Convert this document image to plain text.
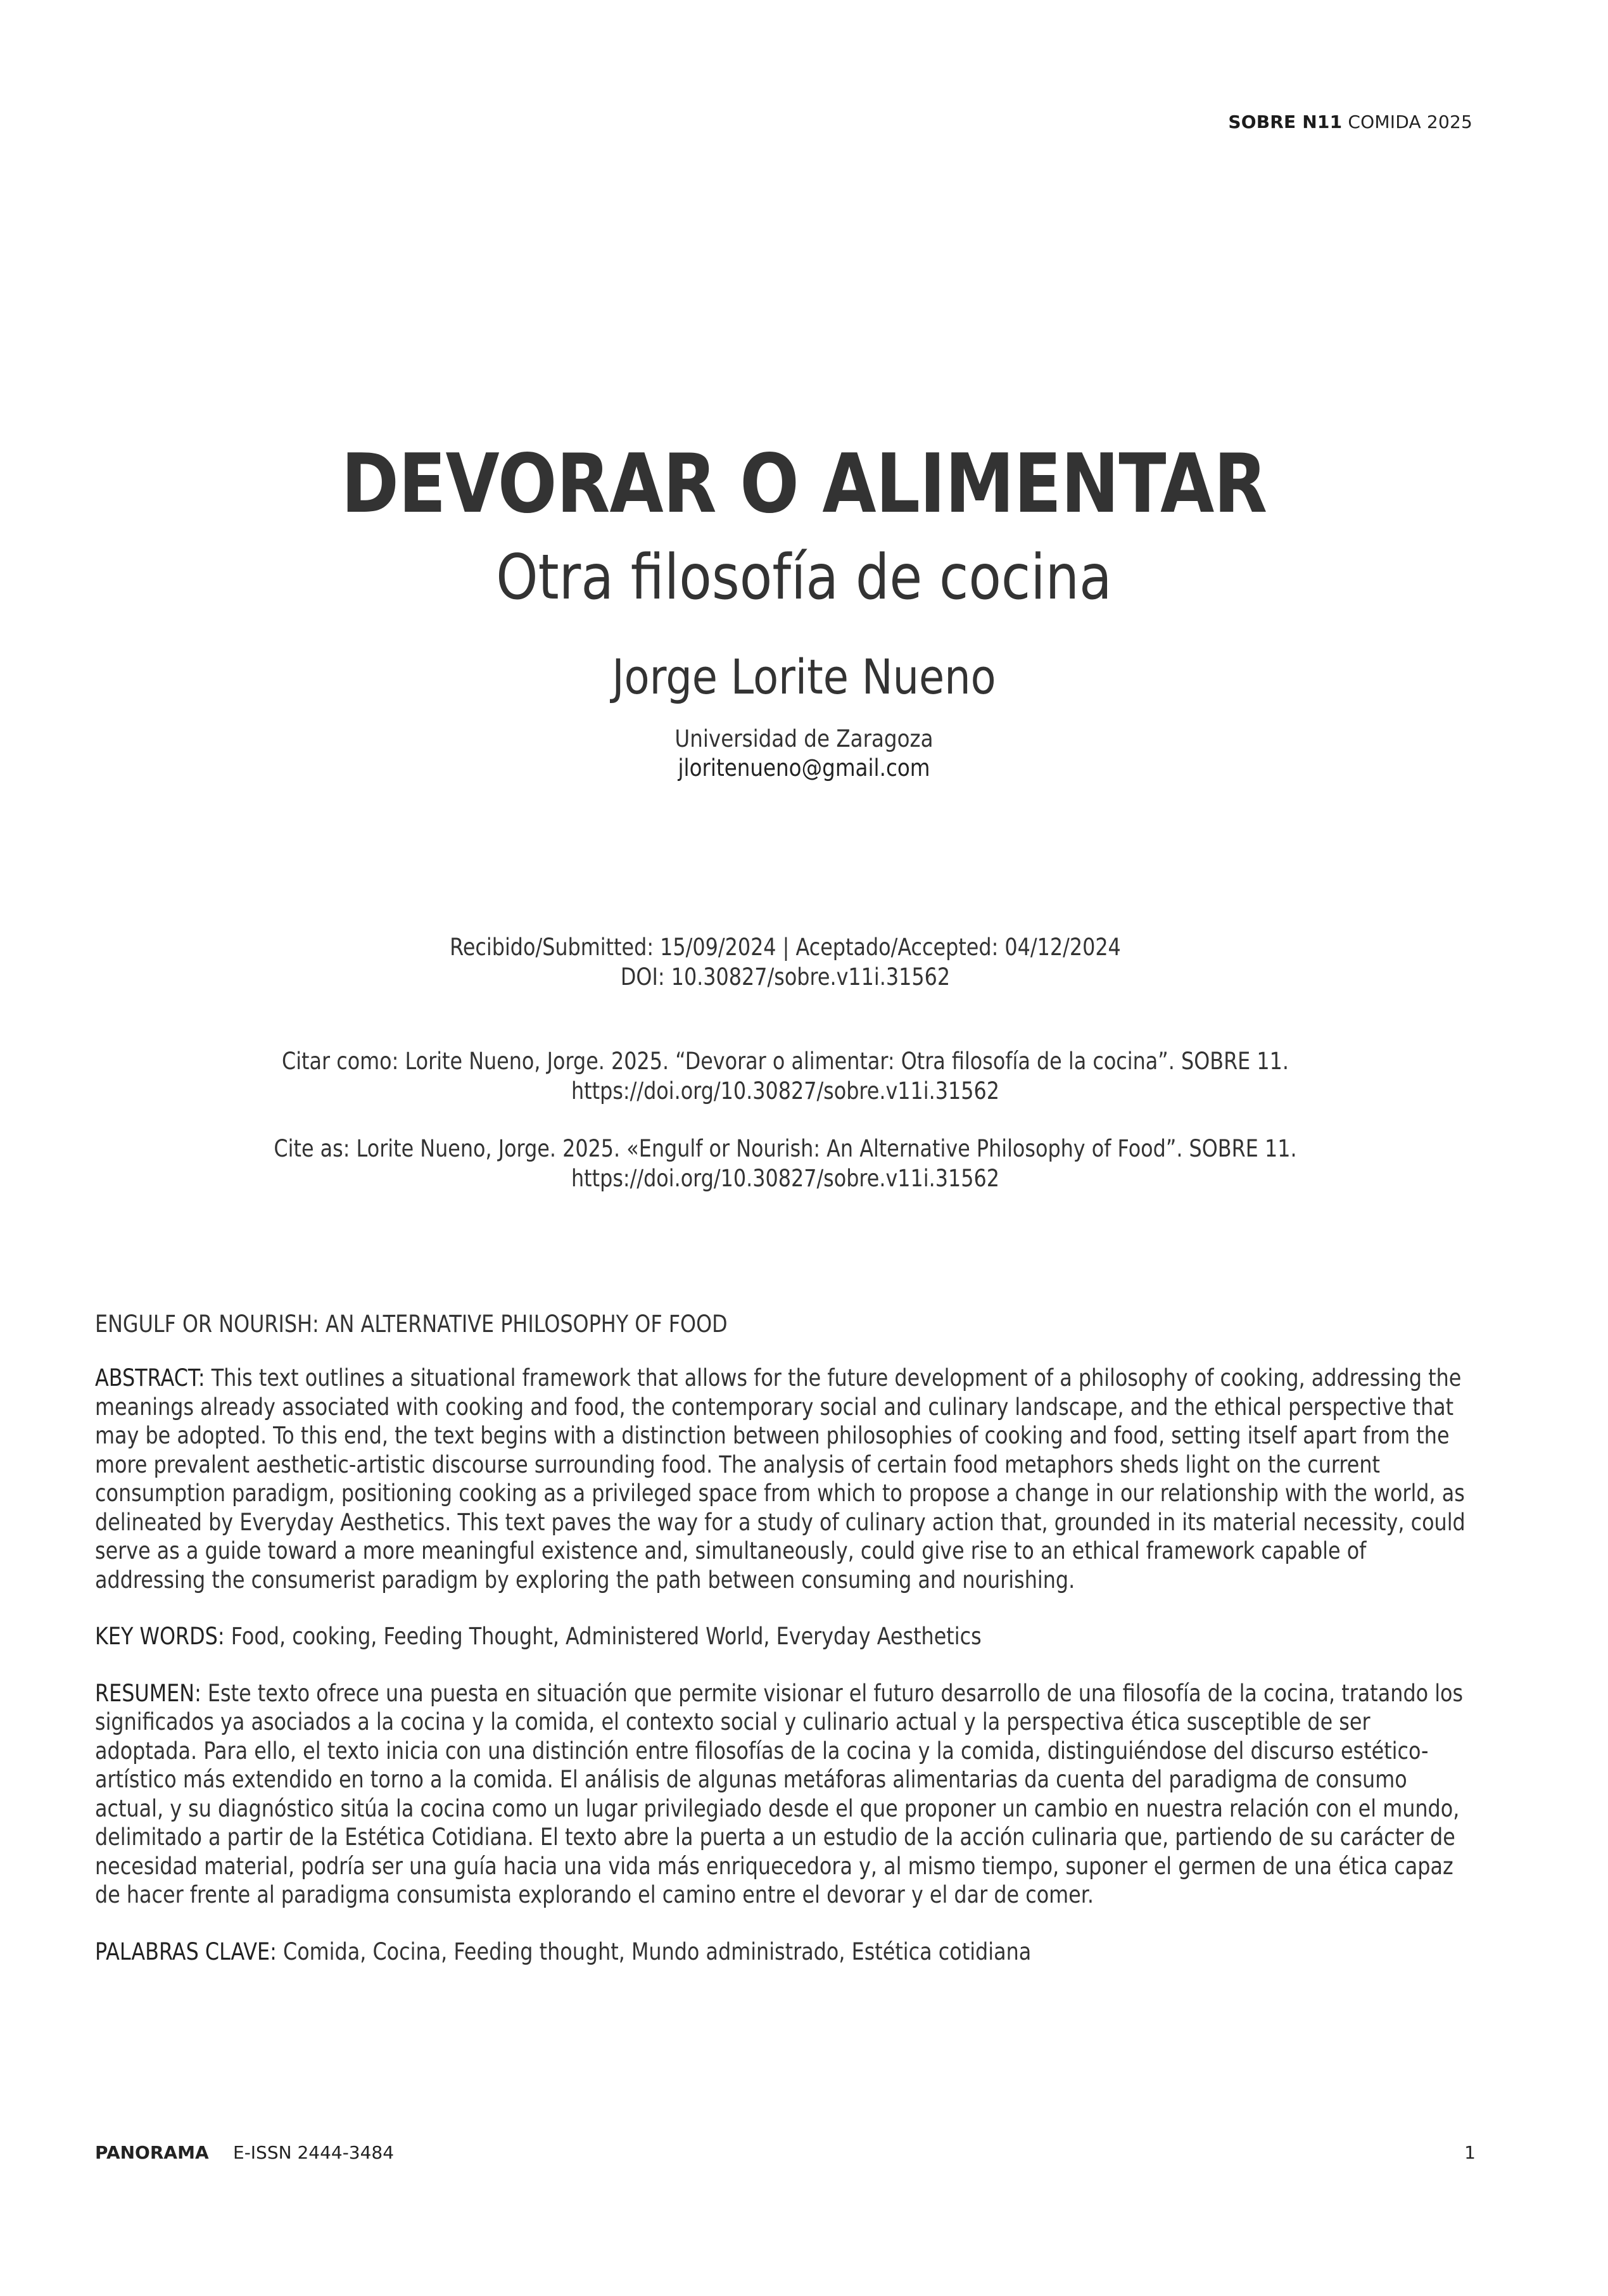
SOBRE N11 COMIDA 2025
DEVORAR O ALIMENTAR
Otra filosofía de cocina
Jorge Lorite Nueno
Universidad de Zaragoza
jloritenueno@gmail.com
Recibido/Submitted: 15/09/2024 | Aceptado/Accepted: 04/12/2024
DOI: 10.30827/sobre.v11i.31562
Citar como: Lorite Nueno, Jorge. 2025. “Devorar o alimentar: Otra filosofía de la cocina”. SOBRE 11. https://doi.org/10.30827/sobre.v11i.31562
Cite as: Lorite Nueno, Jorge. 2025. «Engulf or Nourish: An Alternative Philosophy of Food”. SOBRE 11. https://doi.org/10.30827/sobre.v11i.31562
ENGULF OR NOURISH: AN ALTERNATIVE PHILOSOPHY OF FOOD

ABSTRACT: This text outlines a situational framework that allows for the future development of a philosophy of cooking, addressing the meanings already associated with cooking and food, the contemporary social and culinary landscape, and the ethical perspective that may be adopted. To this end, the text begins with a distinction between philosophies of cooking and food, setting itself apart from the more prevalent aesthetic-artistic discourse surrounding food. The analysis of certain food metaphors sheds light on the current consumption paradigm, positioning cooking as a privileged space from which to propose a change in our relationship with the world, as delineated by Everyday Aesthetics. This text paves the way for a study of culinary action that, grounded in its material necessity, could serve as a guide toward a more meaningful existence and, simultaneously, could give rise to an ethical framework capable of addressing the consumerist paradigm by exploring the path between consuming and nourishing.

KEY WORDS: Food, cooking, Feeding Thought, Administered World, Everyday Aesthetics

RESUMEN: Este texto ofrece una puesta en situación que permite visionar el futuro desarrollo de una filosofía de la cocina, tratando los significados ya asociados a la cocina y la comida, el contexto social y culinario actual y la perspectiva ética susceptible de ser adoptada. Para ello, el texto inicia con una distinción entre filosofías de la cocina y la comida, distinguiéndose del discurso estético-artístico más extendido en torno a la comida. El análisis de algunas metáforas alimentarias da cuenta del paradigma de consumo actual, y su diagnóstico sitúa la cocina como un lugar privilegiado desde el que proponer un cambio en nuestra relación con el mundo, delimitado a partir de la Estética Cotidiana. El texto abre la puerta a un estudio de la acción culinaria que, partiendo de su carácter de necesidad material, podría ser una guía hacia una vida más enriquecedora y, al mismo tiempo, suponer el germen de una ética capaz de hacer frente al paradigma consumista explorando el camino entre el devorar y el dar de comer.

PALABRAS CLAVE: Comida, Cocina, Feeding thought, Mundo administrado, Estética cotidiana

PANORAMA E-ISSN 2444-3484	1
